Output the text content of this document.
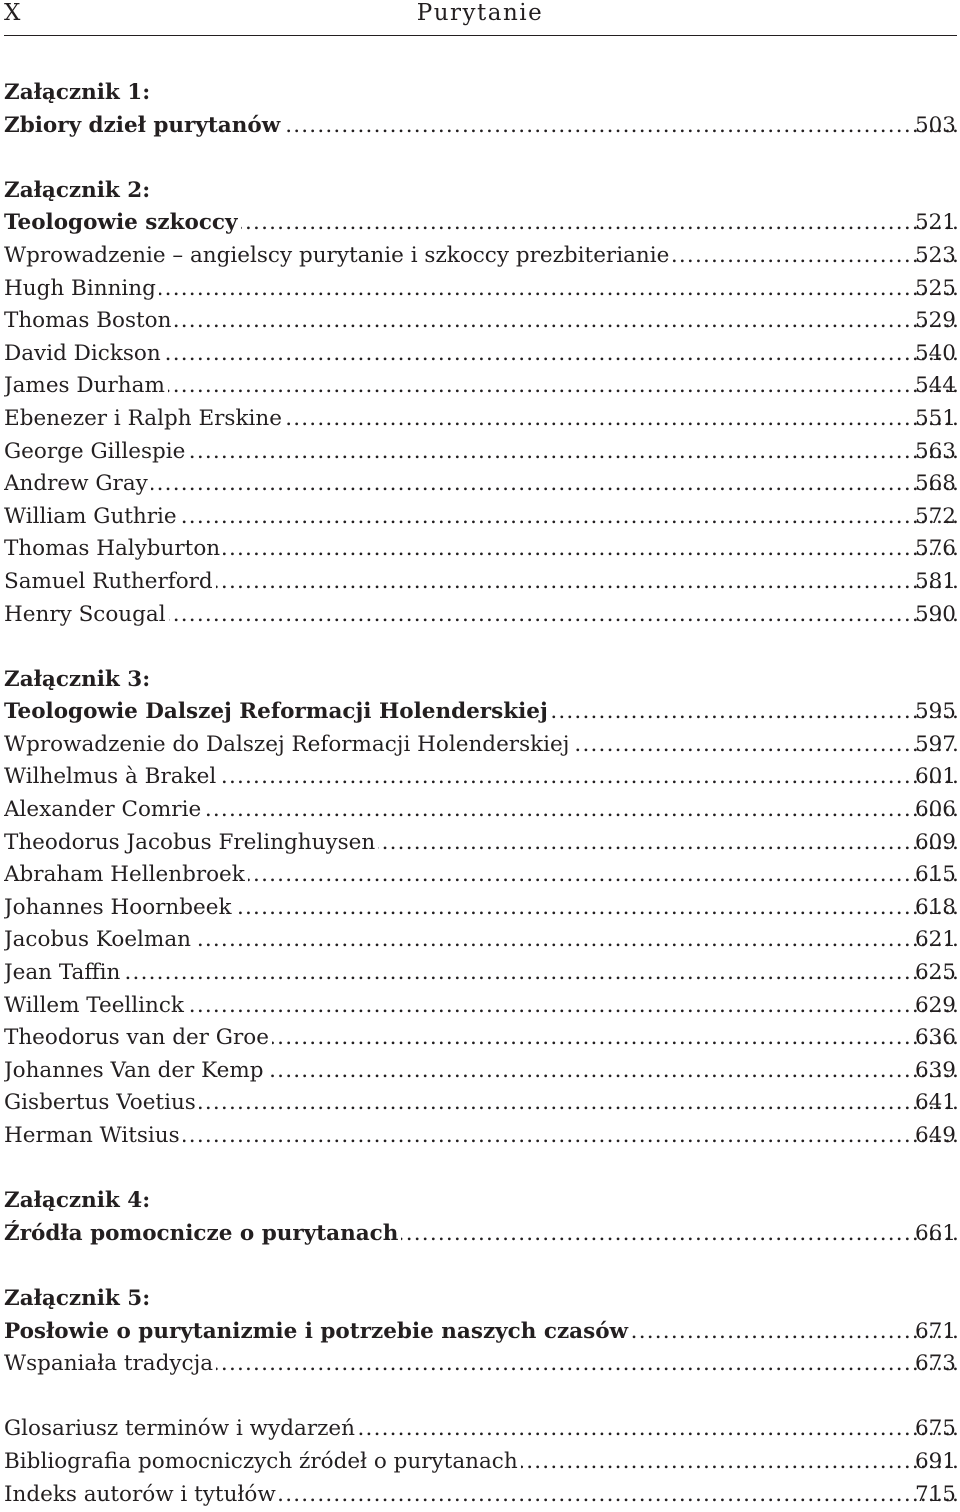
X	Purytanie
Załącznik 1:
Zbiory dzieł purytanów .....	503
Załącznik 2:
Teologowie szkoccy .....	521
Wprowadzenie – angielscy purytanie i szkoccy prezbiterianie .....	523
Hugh Binning .....	525
Thomas Boston .....	529
David Dickson .....	540
James Durham .....	544
Ebenezer i Ralph Erskine .....	551
George Gillespie .....	563
Andrew Gray .....	568
William Guthrie .....	572
Thomas Halyburton .....	576
Samuel Rutherford .....	581
Henry Scougal .....	590
Załącznik 3:
Teologowie Dalszej Reformacji Holenderskiej .....	595
Wprowadzenie do Dalszej Reformacji Holenderskiej .....	597
Wilhelmus à Brakel .....	601
Alexander Comrie .....	606
Theodorus Jacobus Frelinghuysen .....	609
Abraham Hellenbroek .....	615
Johannes Hoornbeek .....	618
Jacobus Koelman .....	621
Jean Taffin .....	625
Willem Teellinck .....	629
Theodorus van der Groe .....	636
Johannes Van der Kemp .....	639
Gisbertus Voetius .....	641
Herman Witsius .....	649
Załącznik 4:
Źródła pomocnicze o purytanach .....	661
Załącznik 5:
Posłowie o purytanizmie i potrzebie naszych czasów .....	671
Wspaniała tradycja .....	673
Glosariusz terminów i wydarzeń .....	675
Bibliografia pomocniczych źródeł o purytanach .....	691
Indeks autorów i tytułów .....	715
